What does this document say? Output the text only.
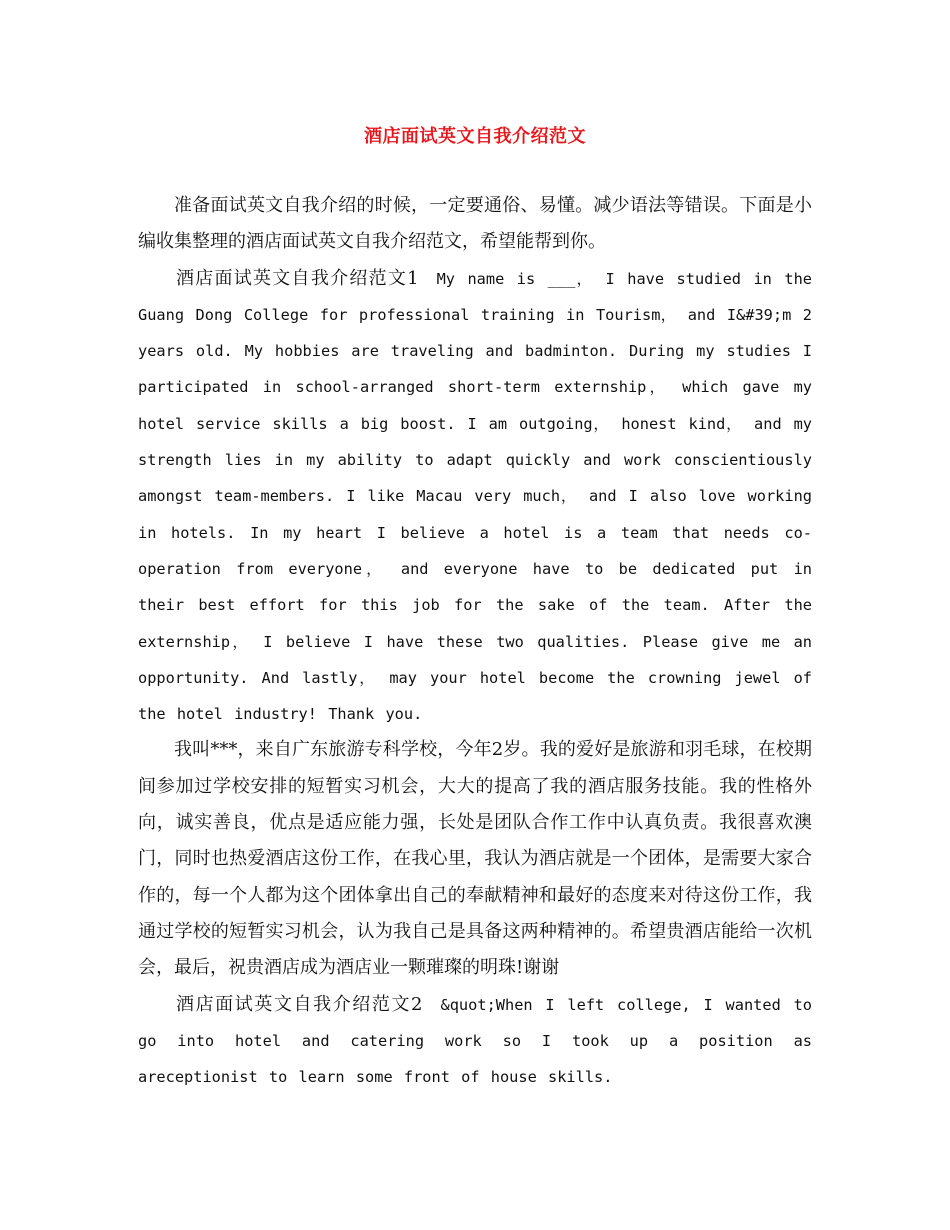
酒店面试英文自我介绍范文

准备面试英文自我介绍的时候，一定要通俗、易懂。减少语法等错误。下面是小编收集整理的酒店面试英文自我介绍范文，希望能帮到你。

酒店面试英文自我介绍范文1 My name is ___， I have studied in the Guang Dong College for professional training in Tourism， and I&#39;m 2 years old. My hobbies are traveling and badminton. During my studies I participated in school-arranged short-term externship， which gave my hotel service skills a big boost. I am outgoing， honest kind， and my strength lies in my ability to adapt quickly and work conscientiously amongst team-members. I like Macau very much， and I also love working in hotels. In my heart I believe a hotel is a team that needs co-operation from everyone， and everyone have to be dedicated put in their best effort for this job for the sake of the team. After the externship， I believe I have these two qualities. Please give me an opportunity. And lastly， may your hotel become the crowning jewel of the hotel industry! Thank you.

我叫***，来自广东旅游专科学校，今年2岁。我的爱好是旅游和羽毛球，在校期间参加过学校安排的短暂实习机会，大大的提高了我的酒店服务技能。我的性格外向，诚实善良，优点是适应能力强，长处是团队合作工作中认真负责。我很喜欢澳门，同时也热爱酒店这份工作，在我心里，我认为酒店就是一个团体，是需要大家合作的，每一个人都为这个团体拿出自己的奉献精神和最好的态度来对待这份工作，我通过学校的短暂实习机会，认为我自己是具备这两种精神的。希望贵酒店能给一次机会，最后，祝贵酒店成为酒店业一颗璀璨的明珠!谢谢

酒店面试英文自我介绍范文2 &quot;When I left college, I wanted to go into hotel and catering work so I took up a position as areceptionist to learn some front of house skills.
